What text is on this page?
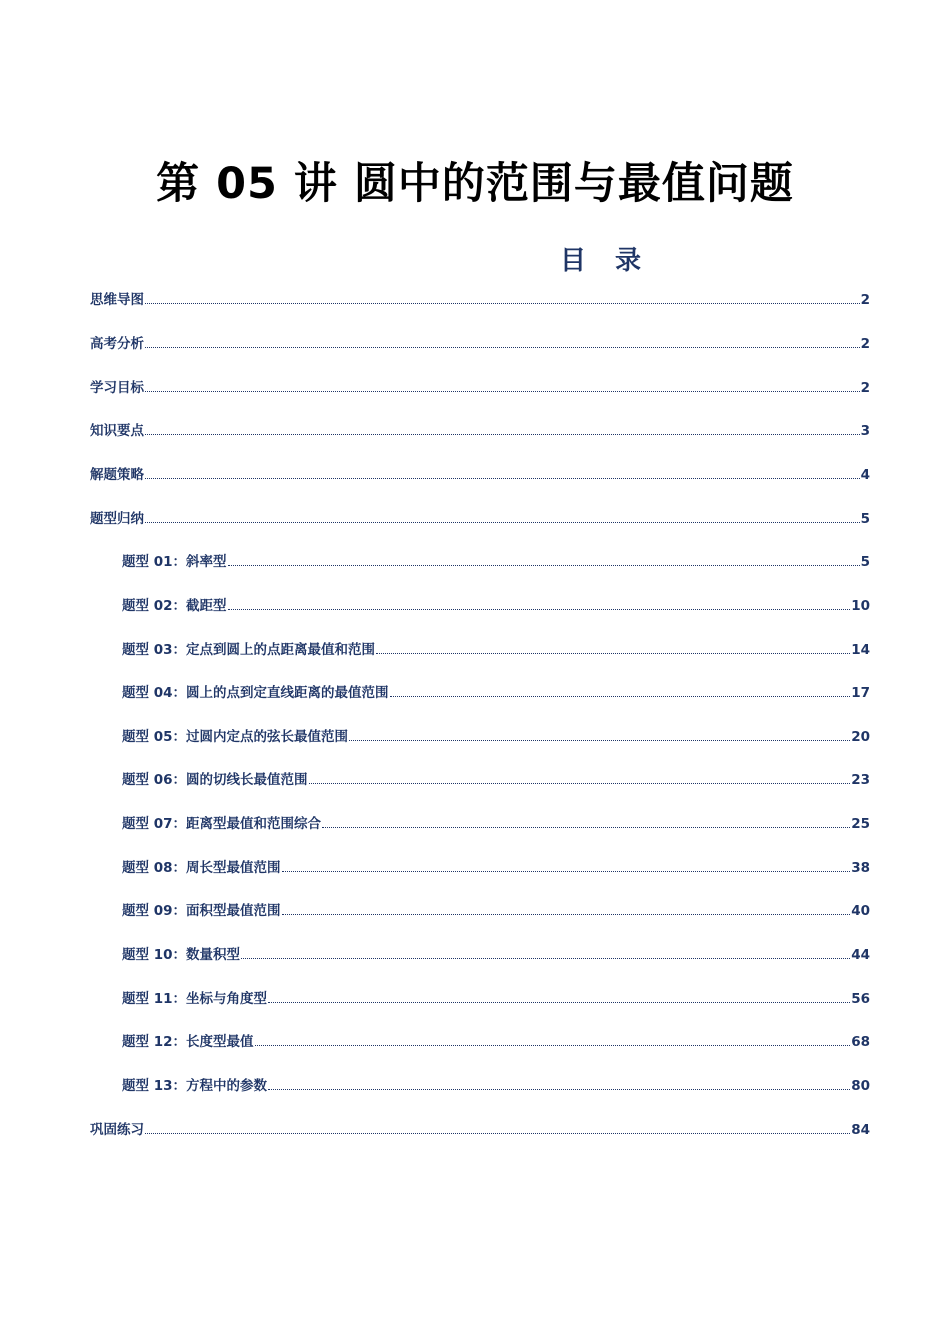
第 05 讲 圆中的范围与最值问题
目 录
思维导图	2
高考分析	2
学习目标	2
知识要点	3
解题策略	4
题型归纳	5
题型 01：斜率型	5
题型 02：截距型	10
题型 03：定点到圆上的点距离最值和范围	14
题型 04：圆上的点到定直线距离的最值范围	17
题型 05：过圆内定点的弦长最值范围	20
题型 06：圆的切线长最值范围	23
题型 07：距离型最值和范围综合	25
题型 08：周长型最值范围	38
题型 09：面积型最值范围	40
题型 10：数量积型	44
题型 11：坐标与角度型	56
题型 12：长度型最值	68
题型 13：方程中的参数	80
巩固练习	84
